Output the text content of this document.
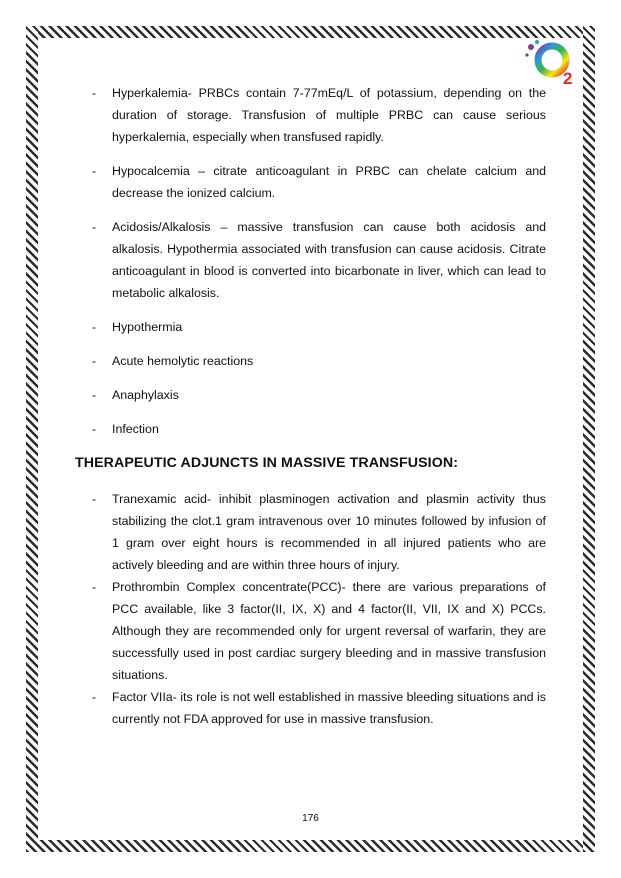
2
- Hyperkalemia- PRBCs contain 7-77mEq/L of potassium, depending on the duration of storage. Transfusion of multiple PRBC can cause serious hyperkalemia, especially when transfused rapidly.
- Hypocalcemia – citrate anticoagulant in PRBC can chelate calcium and decrease the ionized calcium.
- Acidosis/Alkalosis – massive transfusion can cause both acidosis and alkalosis. Hypothermia associated with transfusion can cause acidosis. Citrate anticoagulant in blood is converted into bicarbonate in liver, which can lead to metabolic alkalosis.
- Hypothermia
- Acute hemolytic reactions
- Anaphylaxis
- Infection
THERAPEUTIC ADJUNCTS IN MASSIVE TRANSFUSION:
- Tranexamic acid- inhibit plasminogen activation and plasmin activity thus stabilizing the clot.1 gram intravenous over 10 minutes followed by infusion of 1 gram over eight hours is recommended in all injured patients who are actively bleeding and are within three hours of injury.
- Prothrombin Complex concentrate(PCC)- there are various preparations of PCC available, like 3 factor(II, IX, X) and 4 factor(II, VII, IX and X) PCCs. Although they are recommended only for urgent reversal of warfarin, they are successfully used in post cardiac surgery bleeding and in massive transfusion situations.
- Factor VIIa- its role is not well established in massive bleeding situations and is currently not FDA approved for use in massive transfusion.
176
